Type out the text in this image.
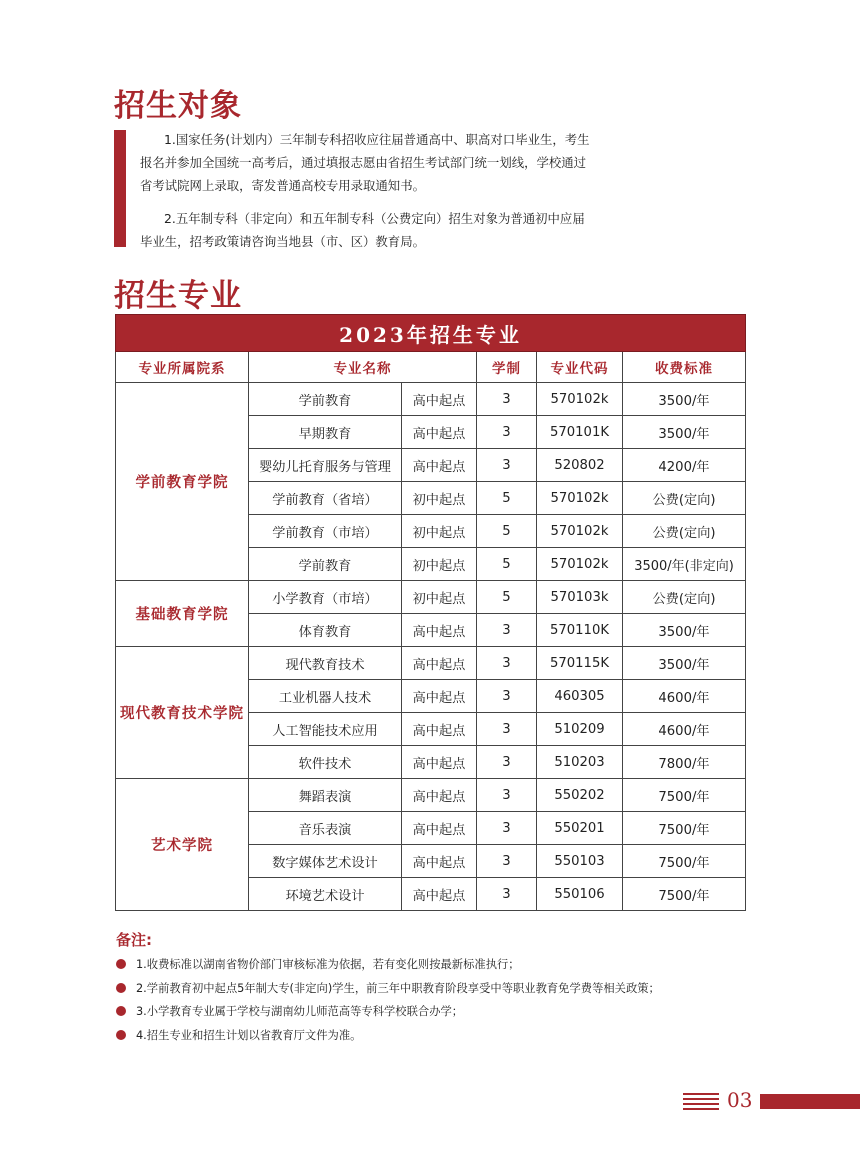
招生对象

1.国家任务(计划内）三年制专科招收应往届普通高中、职高对口毕业生，考生报名并参加全国统一高考后，通过填报志愿由省招生考试部门统一划线，学校通过省考试院网上录取，寄发普通高校专用录取通知书。

2.五年制专科（非定向）和五年制专科（公费定向）招生对象为普通初中应届毕业生，招考政策请咨询当地县（市、区）教育局。

招生专业
2023年招生专业					
专业所属院系	专业名称		学制	专业代码	收费标准
学前教育学院	学前教育	高中起点	3	570102k	3500/年
	早期教育	高中起点	3	570101K	3500/年
	婴幼儿托育服务与管理	高中起点	3	520802	4200/年
	学前教育（省培）	初中起点	5	570102k	公费(定向)
	学前教育（市培）	初中起点	5	570102k	公费(定向)
	学前教育	初中起点	5	570102k	3500/年(非定向)
基础教育学院	小学教育（市培）	初中起点	5	570103k	公费(定向)
	体育教育	高中起点	3	570110K	3500/年
现代教育技术学院	现代教育技术	高中起点	3	570115K	3500/年
	工业机器人技术	高中起点	3	460305	4600/年
	人工智能技术应用	高中起点	3	510209	4600/年
	软件技术	高中起点	3	510203	7800/年
艺术学院	舞蹈表演	高中起点	3	550202	7500/年
	音乐表演	高中起点	3	550201	7500/年
	数字媒体艺术设计	高中起点	3	550103	7500/年
	环境艺术设计	高中起点	3	550106	7500/年
备注:
1.收费标准以湖南省物价部门审核标准为依据，若有变化则按最新标准执行；
2.学前教育初中起点5年制大专(非定向)学生，前三年中职教育阶段享受中等职业教育免学费等相关政策；
3.小学教育专业属于学校与湖南幼儿师范高等专科学校联合办学；
4.招生专业和招生计划以省教育厅文件为准。
03
